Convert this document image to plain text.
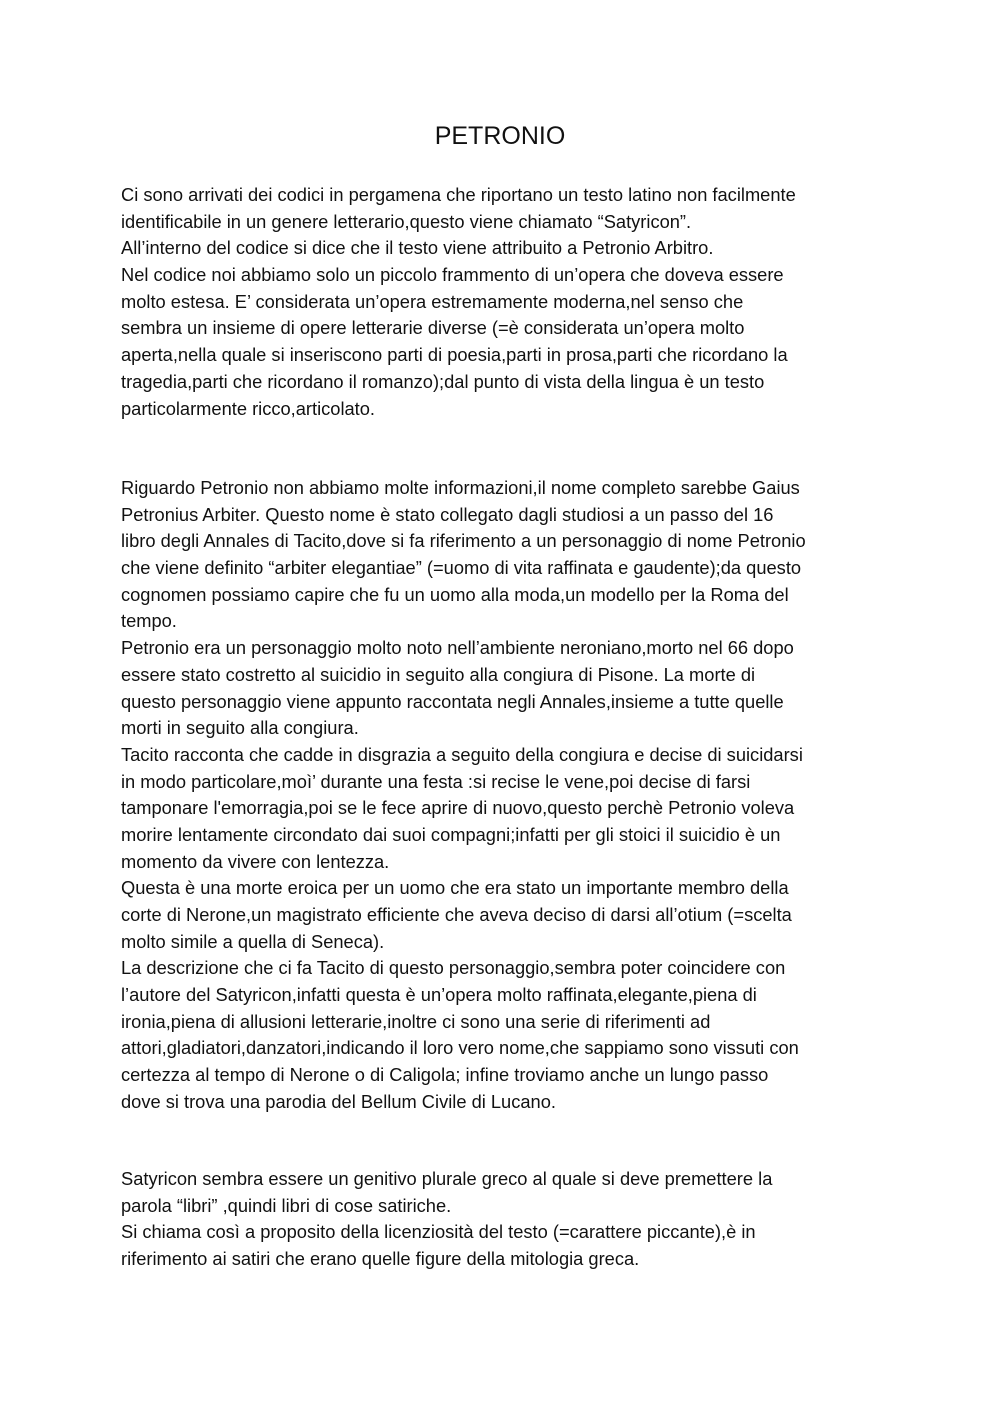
PETRONIO
Ci sono arrivati dei codici in pergamena che riportano un testo latino non facilmente
identificabile in un genere letterario,questo viene chiamato “Satyricon”.
All’interno del codice si dice che il testo viene attribuito a Petronio Arbitro.
Nel codice noi abbiamo solo un piccolo frammento di un’opera che doveva essere
molto estesa. E’ considerata un’opera estremamente moderna,nel senso che
sembra un insieme di opere letterarie diverse (=è considerata un’opera molto
aperta,nella quale si inseriscono parti di poesia,parti in prosa,parti che ricordano la
tragedia,parti che ricordano il romanzo);dal punto di vista della lingua è un testo
particolarmente ricco,articolato.
Riguardo Petronio non abbiamo molte informazioni,il nome completo sarebbe Gaius
Petronius Arbiter. Questo nome è stato collegato dagli studiosi a un passo del 16
libro degli Annales di Tacito,dove si fa riferimento a un personaggio di nome Petronio
che viene definito “arbiter elegantiae” (=uomo di vita raffinata e gaudente);da questo
cognomen possiamo capire che fu un uomo alla moda,un modello per la Roma del
tempo.
Petronio era un personaggio molto noto nell’ambiente neroniano,morto nel 66 dopo
essere stato costretto al suicidio in seguito alla congiura di Pisone. La morte di
questo personaggio viene appunto raccontata negli Annales,insieme a tutte quelle
morti in seguito alla congiura.
Tacito racconta che cadde in disgrazia a seguito della congiura e decise di suicidarsi
in modo particolare,moì’ durante una festa :si recise le vene,poi decise di farsi
tamponare l'emorragia,poi se le fece aprire di nuovo,questo perchè Petronio voleva
morire lentamente circondato dai suoi compagni;infatti per gli stoici il suicidio è un
momento da vivere con lentezza.
Questa è una morte eroica per un uomo che era stato un importante membro della
corte di Nerone,un magistrato efficiente che aveva deciso di darsi all’otium (=scelta
molto simile a quella di Seneca).
La descrizione che ci fa Tacito di questo personaggio,sembra poter coincidere con
l’autore del Satyricon,infatti questa è un’opera molto raffinata,elegante,piena di
ironia,piena di allusioni letterarie,inoltre ci sono una serie di riferimenti ad
attori,gladiatori,danzatori,indicando il loro vero nome,che sappiamo sono vissuti con
certezza al tempo di Nerone o di Caligola; infine troviamo anche un lungo passo
dove si trova una parodia del Bellum Civile di Lucano.
Satyricon sembra essere un genitivo plurale greco al quale si deve premettere la
parola “libri” ,quindi libri di cose satiriche.
Si chiama così a proposito della licenziosità del testo (=carattere piccante),è in
riferimento ai satiri che erano quelle figure della mitologia greca.
